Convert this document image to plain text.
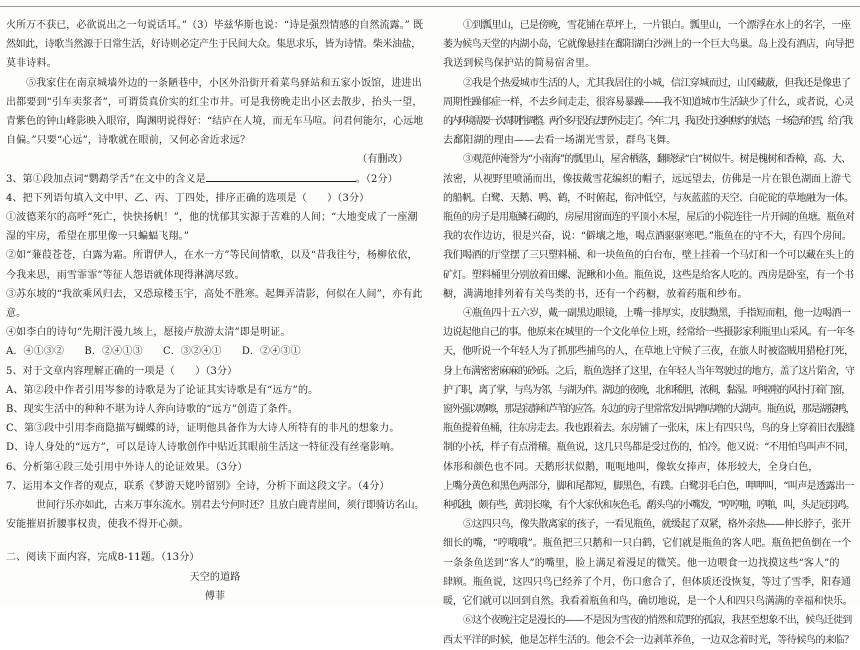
火所万不获已，必欲说出之一句说话耳。”（3）毕兹华斯也说：“诗是强烈情感的自然流露。” 既

然如此，诗歌当然源于日常生活，好诗则必定产生于民间大众。集思求乐，皆为诗情。柴米油盐，

莫非诗料。

⑤我家住在南京城墙外边的一条陋巷中，小区外沿街开着菜鸟驿站和五家小饭馆，进进出

出都要到“引车卖浆者”，可谓货真价实的红尘市井。可是我傍晚走出小区去散步，抬头一望，

青紫色的钟山峰影映入眼帘，陶渊明说得好：“结庐在人境，而无车马喧。问君何能尔，心远地

自偏。”只要“心远”，诗歌就在眼前，又何必舍近求远？

（有删改）

3、第①段加点词“鹦鹉学舌”在文中的含义是	。（2分）

4、把下列语句填入文中甲、乙、丙、丁四处，排序正确的选项是（　　）（3分）

①波德莱尔的高呼“死亡，快快扬帆！”，他的忧郁其实源于苦难的人间；“大地变成了一座潮

湿的牢房，希望在那里像一只蝙蝠飞翔。”

②如“蒹葭苍苍，白露为霜。所谓伊人，在水一方”等民间情歌，以及“昔我往兮，杨柳依依，

今我来思，雨雪霏霏”等征人怨语就体现得淋漓尽致。

③苏东坡的“我欲乘风归去，又恐琼楼玉宇，高处不胜寒。起舞弄清影，何似在人间”，亦有此

意。

④如李白的诗句“先期汗漫九垓上，愿接卢敖游太清”即是明证。

A．④①③②　　B．②④①③　　C．③②④①　　D．②④③①

5、对于文章内容理解正确的一项是（　　）（3分）

A、第②段中作者引用岑参的诗歌是为了论证其实诗歌是有“远方”的。

B、现实生活中的种种不堪为诗人奔向诗歌的“远方”创造了条件。

C、第③段中引用李商隐描写蝴蝶的诗，证明他具备作为大诗人所特有的非凡的想象力。

D、诗人身处的“远方”，可以是诗人诗歌创作中贴近其眼前生活这一特征没有丝毫影响。

6、分析第④段三处引用中外诗人的论证效果。（3分）

7、运用本文作者的观点，联系《梦游天姥吟留别》全诗，分析下面这段文字。（4分）

世间行乐亦如此，古来万事东流水。别君去兮何时还？且放白鹿青崖间，须行即骑访名山。

安能摧眉折腰事权贵，使我不得开心颜。

二、阅读下面内容，完成8-11题。（13分）

天空的道路

傅菲

①到瓢里山，已是傍晚，雪花铺在草坪上，一片银白。瓢里山，一个漂浮在水上的名字，一座

萎为候鸟天堂的内湖小岛，它就像悬挂在鄱阳湖白沙洲上的一个巨大鸟巢。岛上没有酒店，向导把

我送到候鸟保护站的简易宿舍里。

②我是个热爱城市生活的人，尤其我居住的小城，信江穿城而过，山冈藏蔽，但我还是像患了

周期性躁郁症一样，不去乡间走走，很容易暴躁——我不知道城市生活缺少了什么，或者说，心灵

的内环境需要一次周期性调整。两个多月没有去野外走走了。今年二月，我正处于这种焦灼的状态，一场急弃的雪，给了我

去鄱阳湖的理由——去看一场湖光雪景，群鸟飞舞。

③观范仲淹誉为“小南海”的瓢里山，屋舍栖落，翻晓绿“白”树似牛。树是槐树和香樟，高、大、

浓密，从视野里喷涌而出，像拔戴雪花编织的帽子，远远望去，仿佛是一片在银色湖面上游弋

的船帆。白鹭、天鹅、鸭、鹤，不时俯起，衔冲低空，与灰蓝蓝的天空、白砣砣的草地融为一体。

瓶鱼的房子是用瓶鳞石砌的，房屋用窗面连的平顶小木屋，屋后的小院连往一片开阔的鱼塘。瓶鱼对

我的农作边访，很是兴奋，说：“僻壤之地，喝点酒驱驱寒吧。”瓶鱼在的守不大，有四个房间。

我们喝酒的厅堂摆了三只塑料桶、和一块鱼鱼的白台布，壁上挂着一个马灯和一个可以藏在头上的

矿灯。塑料桶里分别放着田螺、泥鳅和小鱼。瓶鱼说，这些是给客人吃的。西房是卧室，有一个书

橱，满满地排列着有关鸟类的书，还有一个药橱，放着药瓶和纱布。

④瓶鱼四十五六岁，戴一副黑边眼镜，上嘴一排厚实，皮肤黝黑，手指短而粗，他一边喝酒一

边说起他自己的事。他原来在城里的一个文化单位上班，经常给一些摄影家利瓶里山采风。有一年冬

天，他听说一个年轻人为了抓那些捕鸟的人，在草地上守候了三夜，在旅人时被盗贼用猎枪打死，

身上布满密密麻麻的砂砾。之后，瓶鱼选择了这里，在年轻人当年驾驶过的地方，盖了这片陷舍，守

护了职，离了掌，与鸟为邻，与湖为伴。湖边的夜晚，北和稀胆，浓稠，黏湿。呼啦啦的风扑打着门窗，

窗外强以嚓嚓，那是寂静和芦苇的应答。东边的房子里常常发出咕噜咕噜的大湖声。瓶鱼说，那是湖猿鸭，

瓶鱼提着鱼桶，往东房走去。我也跟着去。东房铺了一张床，床上有四只鸟，鸟的身上穿着旧衣服缝

制的小袄，样子有点滑稽。瓶鱼说，这几只鸟都是受过伤的，怕冷。他又说：“不用怕鸟叫声不同，

体形和颜色也不同。天鹅形状似鹅，呃呃地叫，像软女捧声，体形较大，全身白色，

上嘴分黄色和黑色两部分，脚和尾都短，脚黑色，有蹼。白鹭羽毛白色，呷呷叫，“叫声是透露出一

种孤独，颇有些，黄羽长喙，有个大家伙和灰色毛。鹬头鸟的小嘴发，“哼哼啪，哼啪，叫，头足冠羽鸡。

⑤这四只鸟，像失散离家的孩子，一看见瓶鱼，就缓起了双紧，格外亲热——伸长脖子，张开

细长的嘴，“哼哦哦”。瓶鱼把三只鹅和一只白鹤，它们就是瓶鱼的客人吧。瓶鱼把鱼倒在一个

一条条鱼送到“客人”的嘴里，脸上满足着漫足的微笑。他一边喂食一边找摸这些“客人”的

肆顾。瓶鱼说，这四只鸟已经养了个月，伤口愈合了，但体质还没恢复，等过了雪季，阳春通

暖，它们就可以回到自然。我看着瓶鱼和鸟，确切地说，是一个人和四只鸟满满的幸福和快乐。

⑥这个夜晚注定是漫长的——不是因为雪夜的悄然和荒野的孤寂，我甚至想象不出，候鸟迁徙到

西太平洋的时候，他是怎样生活的。他会不会一边剥革养鱼，一边双念着时光，等待候鸟的来临？
